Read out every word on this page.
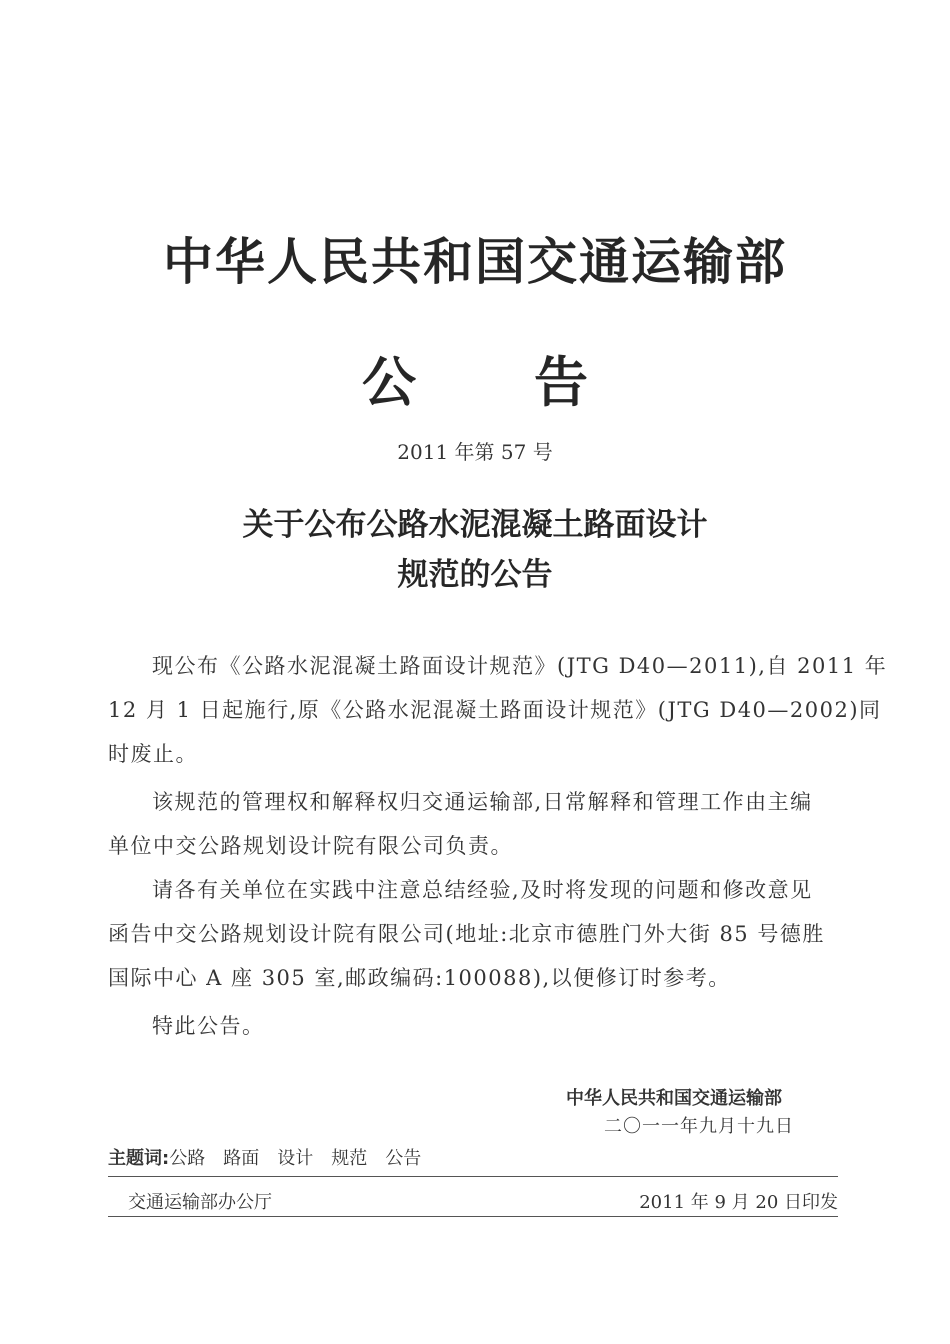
中华人民共和国交通运输部
公 告
2011 年第 57 号
关于公布公路水泥混凝土路面设计
规范的公告
现公布《公路水泥混凝土路面设计规范》(JTG D40—2011),自 2011 年
12 月 1 日起施行,原《公路水泥混凝土路面设计规范》(JTG D40—2002)同
时废止。
该规范的管理权和解释权归交通运输部,日常解释和管理工作由主编
单位中交公路规划设计院有限公司负责。
请各有关单位在实践中注意总结经验,及时将发现的问题和修改意见
函告中交公路规划设计院有限公司(地址:北京市德胜门外大街 85 号德胜
国际中心 A 座 305 室,邮政编码:100088),以便修订时参考。
特此公告。
中华人民共和国交通运输部
二〇一一年九月十九日
主题词:公路 路面 设计 规范 公告
交通运输部办公厅	2011 年 9 月 20 日印发
